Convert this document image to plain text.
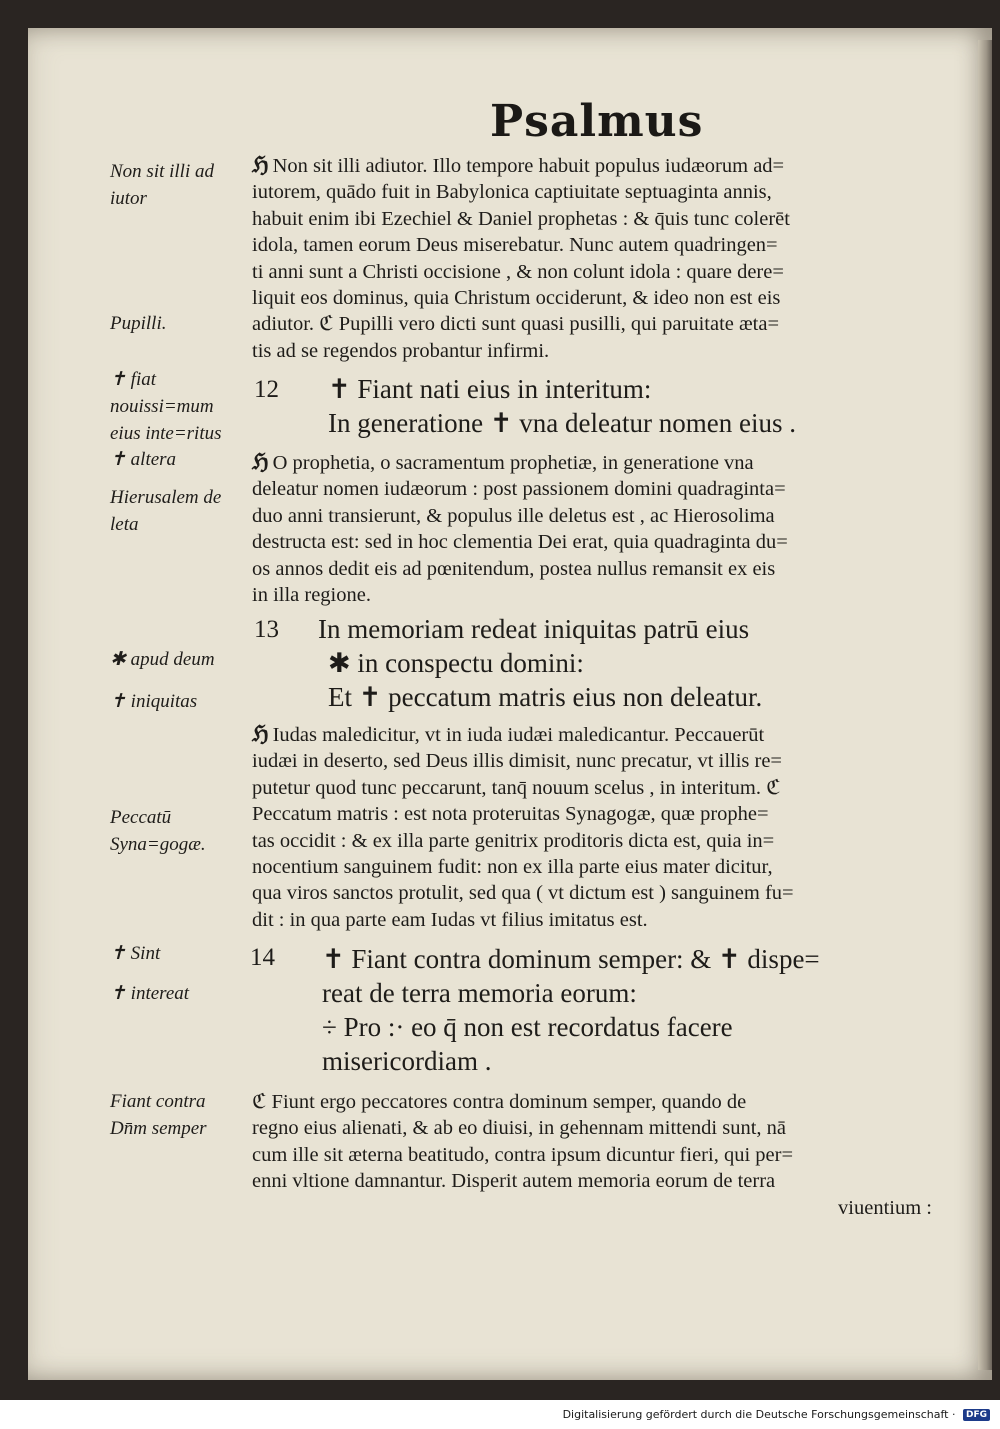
Psalmus
Non sit illi ad iutor
Pupilli.
✝ fiat nouissi=mum eius inte=ritus
✝ altera
Hierusalem de leta
✱ apud deum
✝ iniquitas
Peccatū Syna=gogæ.
✝ Sint
✝ intereat
Fiant contra Dn̄m semper
ℌ Non sit illi adiutor. Illo tempore habuit populus iudæorum ad=
iutorem, quādo fuit in Babylonica captiuitate septuaginta annis,
habuit enim ibi Ezechiel & Daniel prophetas : & q̄uis tunc colerēt
idola, tamen eorum Deus miserebatur. Nunc autem quadringen=
ti anni sunt a Christi occisione , & non colunt idola : quare dere=
liquit eos dominus, quia Christum occiderunt, & ideo non est eis
adiutor. ℭ Pupilli vero dicti sunt quasi pusilli, qui paruitate æta=
tis ad se regendos probantur infirmi.
12 ✝ Fiant nati eius in interitum:
In generatione ✝ vna deleatur nomen eius .
ℌ O prophetia, o sacramentum prophetiæ, in generatione vna
deleatur nomen iudæorum : post passionem domini quadraginta=
duo anni transierunt, & populus ille deletus est , ac Hierosolima
destructa est: sed in hoc clementia Dei erat, quia quadraginta du=
os annos dedit eis ad pœnitendum, postea nullus remansit ex eis
in illa regione.
13 In memoriam redeat iniquitas patrū eius
✱ in conspectu domini:
Et ✝ peccatum matris eius non deleatur.
ℌ Iudas maledicitur, vt in iuda iudæi maledicantur. Peccauerūt
iudæi in deserto, sed Deus illis dimisit, nunc precatur, vt illis re=
putetur quod tunc peccarunt, tanq̄ nouum scelus , in interitum. ℭ
Peccatum matris : est nota proteruitas Synagogæ, quæ prophe=
tas occidit : & ex illa parte genitrix proditoris dicta est, quia in=
nocentium sanguinem fudit: non ex illa parte eius mater dicitur,
qua viros sanctos protulit, sed qua ( vt dictum est ) sanguinem fu=
dit : in qua parte eam Iudas vt filius imitatus est.
14 ✝ Fiant contra dominum semper: & ✝ dispe=
reat de terra memoria eorum:
÷ Pro :· eo q̄ non est recordatus facere
misericordiam .
ℭ Fiunt ergo peccatores contra dominum semper, quando de
regno eius alienati, & ab eo diuisi, in gehennam mittendi sunt, nā
cum ille sit æterna beatitudo, contra ipsum dicuntur fieri, qui per=
enni vltione damnantur. Disperit autem memoria eorum de terra
viuentium :
Digitalisierung gefördert durch die Deutsche Forschungsgemeinschaft · DFG
